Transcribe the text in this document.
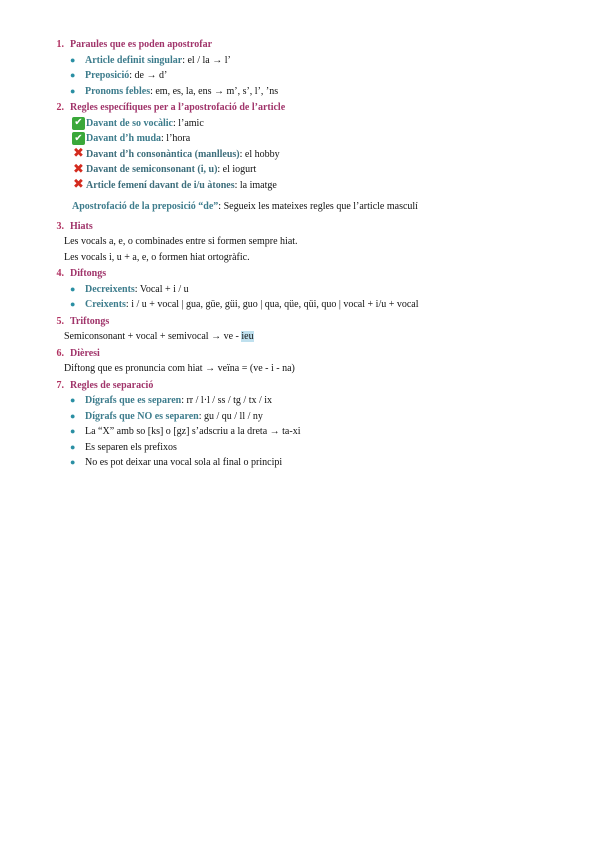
1. Paraules que es poden apostrofar
● Article definit singular: el / la → l’
● Preposició: de → d’
● Pronoms febles: em, es, la, ens → m’, s’, l’, ’ns
2. Regles específiques per a l’apostrofació de l’article
✔ Davant de so vocàlic: l’amic
✔ Davant d’h muda: l’hora
✖ Davant d’h consonàntica (manlleus): el hobby
✖ Davant de semiconsonant (i, u): el iogurt
✖ Article femení davant de i/u àtones: la imatge
Apostrofació de la preposició “de”: Segueix les mateixes regles que l’article masculí
3. Hiats
Les vocals a, e, o combinades entre si formen sempre hiat.
Les vocals i, u + a, e, o formen hiat ortogràfic.
4. Diftongs
● Decreixents: Vocal + i / u
● Creixents: i / u + vocal | gua, güe, güi, guo | qua, qüe, qüi, quo | vocal + i/u + vocal
5. Triftongs
Semiconsonant + vocal + semivocal → ve - ieu
6. Dièresi
Diftong que es pronuncia com hiat → veïna = (ve - i - na)
7. Regles de separació
● Dígrafs que es separen: rr / l·l / ss / tg / tx / ix
● Dígrafs que NO es separen: gu / qu / ll / ny
● La “X” amb so [ks] o [gz] s’adscriu a la dreta → ta-xi
● Es separen els prefixos
● No es pot deixar una vocal sola al final o principi
